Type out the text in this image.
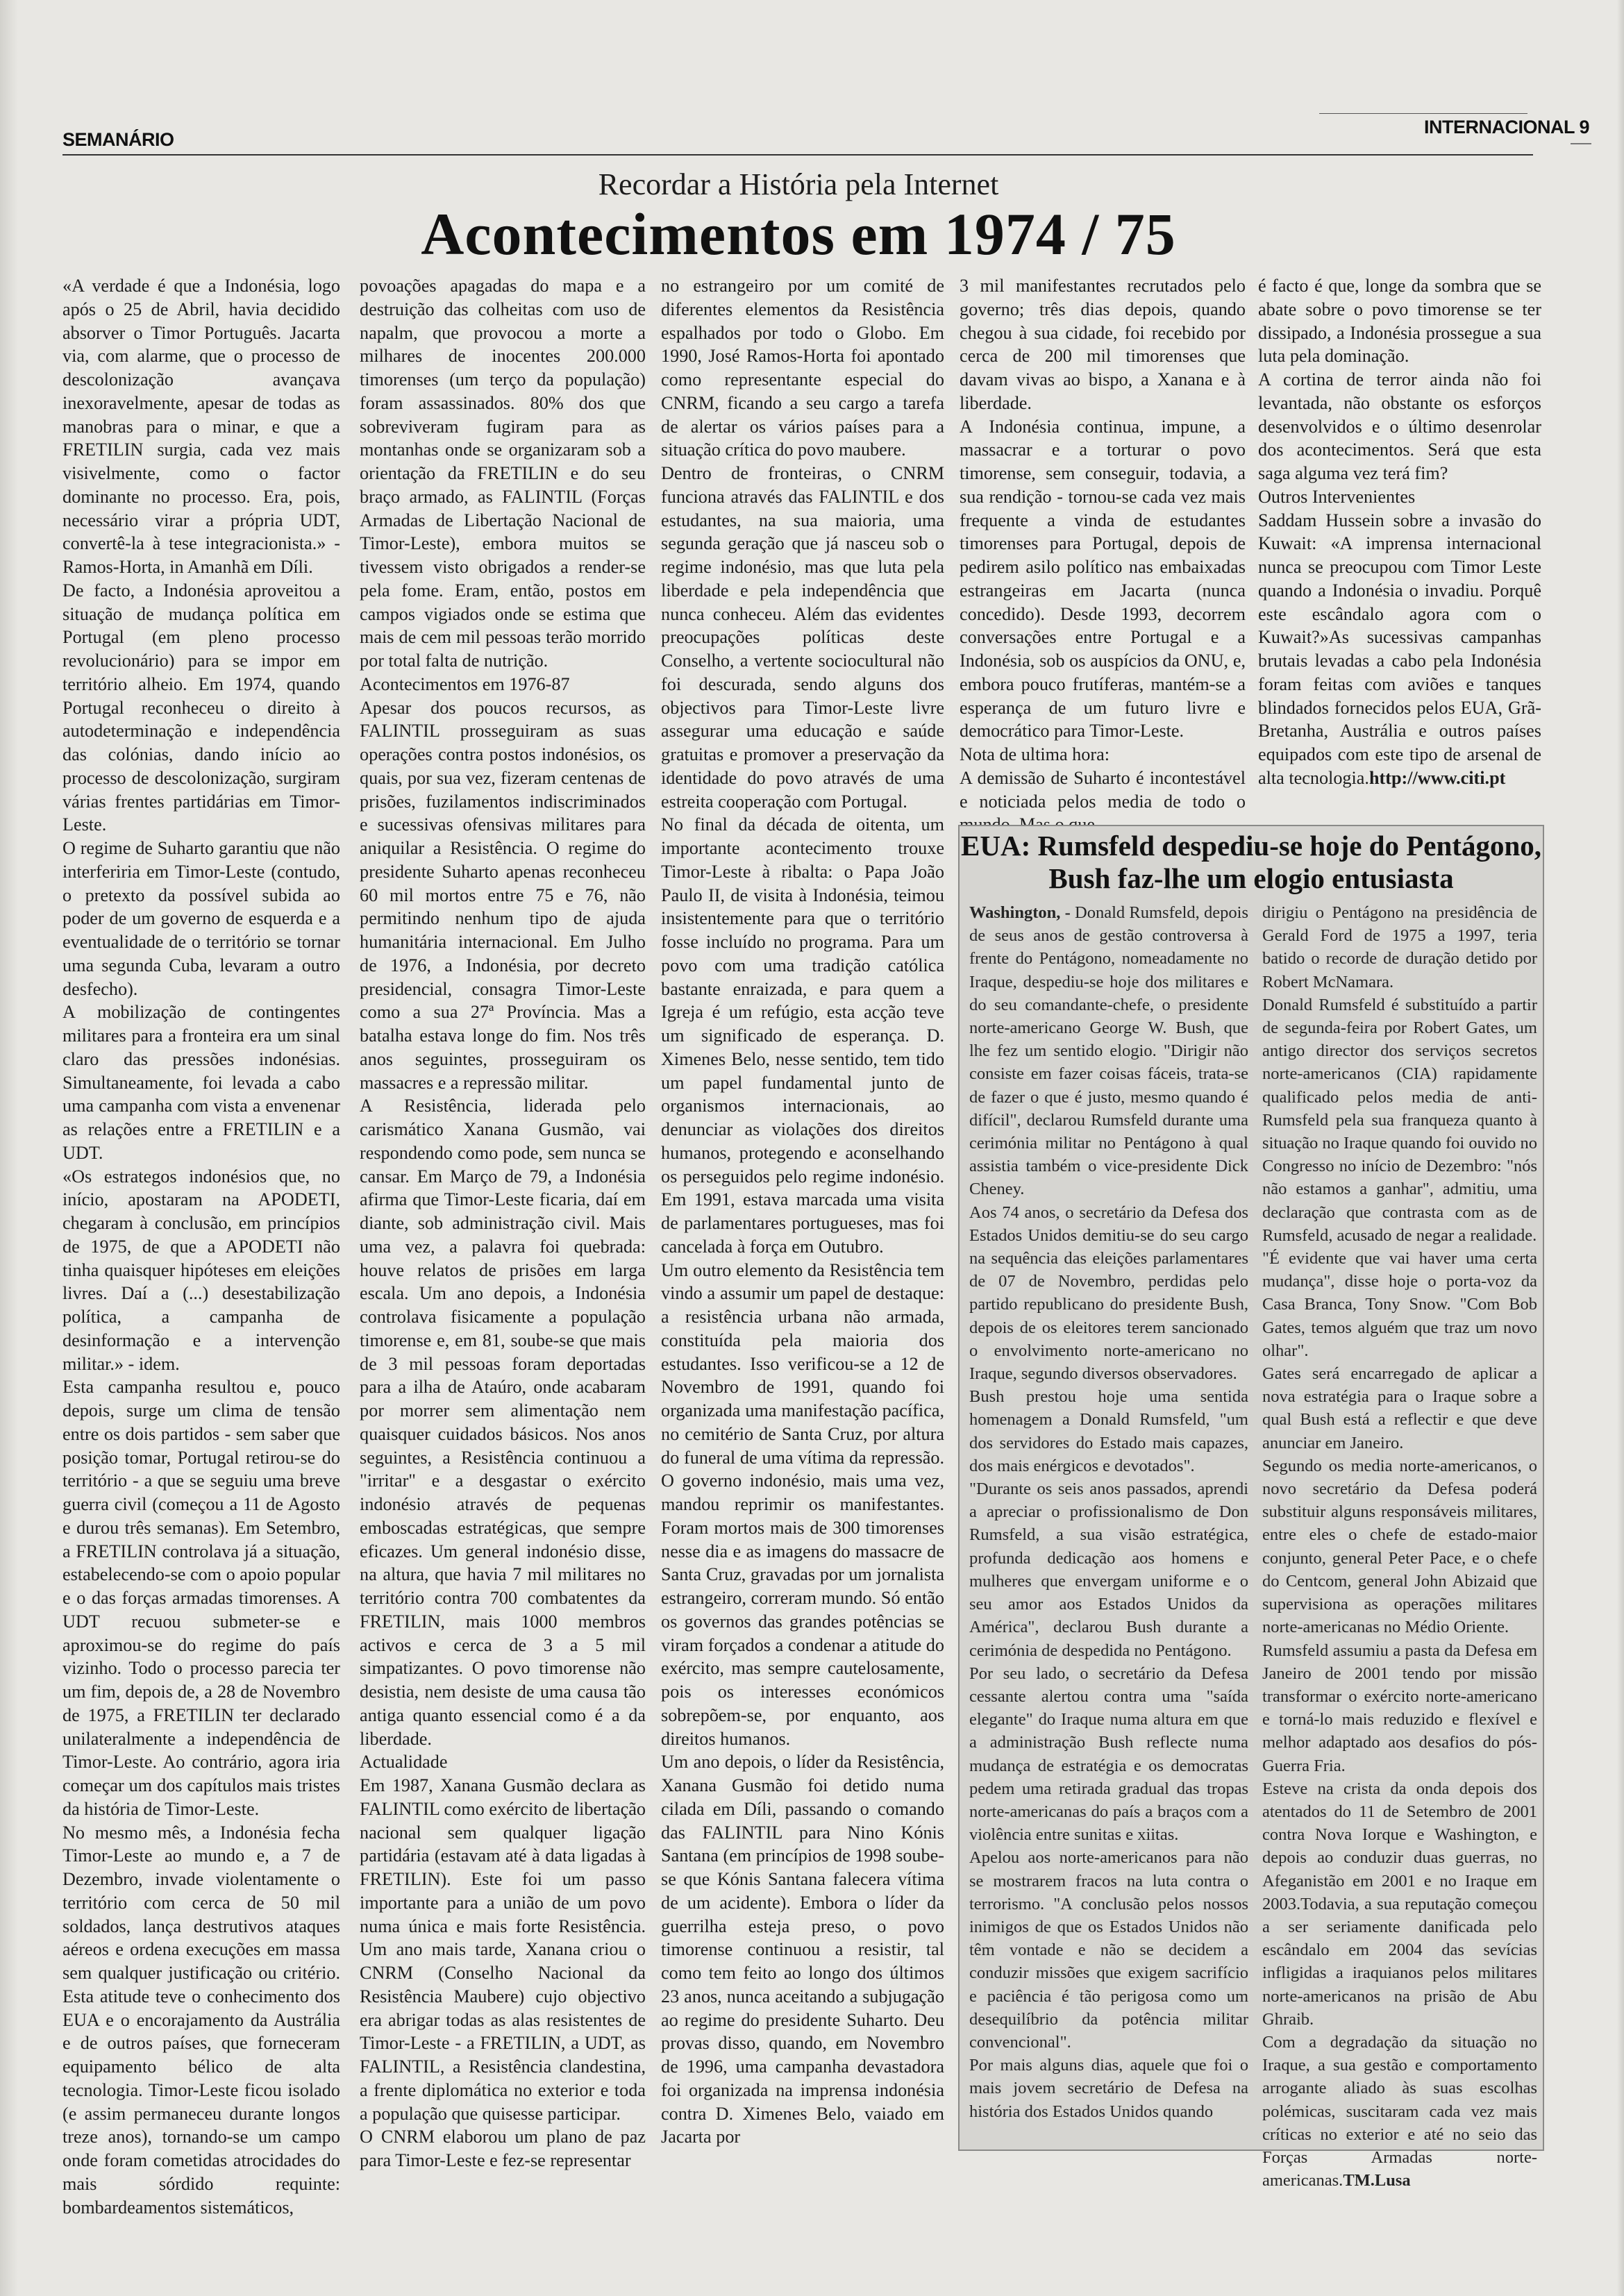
SEMANÁRIO
INTERNACIONAL 9
Recordar a História pela Internet
Acontecimentos em 1974 / 75

«A verdade é que a Indonésia, logo após o 25 de Abril, havia decidido absorver o Timor Português. Jacarta via, com alarme, que o processo de descolonização avançava inexoravelmente, apesar de todas as manobras para o minar, e que a FRETILIN surgia, cada vez mais visivelmente, como o factor dominante no processo. Era, pois, necessário virar a própria UDT, convertê-la à tese integracionista.» - Ramos-Horta, in Amanhã em Díli.

De facto, a Indonésia aproveitou a situação de mudança política em Portugal (em pleno processo revolucionário) para se impor em território alheio. Em 1974, quando Portugal reconheceu o direito à autodeterminação e independência das colónias, dando início ao processo de descolonização, surgiram várias frentes partidárias em Timor-Leste.

O regime de Suharto garantiu que não interferiria em Timor-Leste (contudo, o pretexto da possível subida ao poder de um governo de esquerda e a eventualidade de o território se tornar uma segunda Cuba, levaram a outro desfecho).

A mobilização de contingentes militares para a fronteira era um sinal claro das pressões indonésias. Simultaneamente, foi levada a cabo uma campanha com vista a envenenar as relações entre a FRETILIN e a UDT.

«Os estrategos indonésios que, no início, apostaram na APODETI, chegaram à conclusão, em princípios de 1975, de que a APODETI não tinha quaisquer hipóteses em eleições livres. Daí a (...) desestabilização política, a campanha de desinformação e a intervenção militar.» - idem.

Esta campanha resultou e, pouco depois, surge um clima de tensão entre os dois partidos - sem saber que posição tomar, Portugal retirou-se do território - a que se seguiu uma breve guerra civil (começou a 11 de Agosto e durou três semanas). Em Setembro, a FRETILIN controlava já a situação, estabelecendo-se com o apoio popular e o das forças armadas timorenses. A UDT recuou submeter-se e aproximou-se do regime do país vizinho. Todo o processo parecia ter um fim, depois de, a 28 de Novembro de 1975, a FRETILIN ter declarado unilateralmente a independência de Timor-Leste. Ao contrário, agora iria começar um dos capítulos mais tristes da história de Timor-Leste.

No mesmo mês, a Indonésia fecha Timor-Leste ao mundo e, a 7 de Dezembro, invade violentamente o território com cerca de 50 mil soldados, lança destrutivos ataques aéreos e ordena execuções em massa sem qualquer justificação ou critério. Esta atitude teve o conhecimento dos EUA e o encorajamento da Austrália e de outros países, que forneceram equipamento bélico de alta tecnologia. Timor-Leste ficou isolado (e assim permaneceu durante longos treze anos), tornando-se um campo onde foram cometidas atrocidades do mais sórdido requinte: bombardeamentos sistemáticos,

povoações apagadas do mapa e a destruição das colheitas com uso de napalm, que provocou a morte a milhares de inocentes 200.000 timorenses (um terço da população) foram assassinados. 80% dos que sobreviveram fugiram para as montanhas onde se organizaram sob a orientação da FRETILIN e do seu braço armado, as FALINTIL (Forças Armadas de Libertação Nacional de Timor-Leste), embora muitos se tivessem visto obrigados a render-se pela fome. Eram, então, postos em campos vigiados onde se estima que mais de cem mil pessoas terão morrido por total falta de nutrição.

Acontecimentos em 1976-87

Apesar dos poucos recursos, as FALINTIL prosseguiram as suas operações contra postos indonésios, os quais, por sua vez, fizeram centenas de prisões, fuzilamentos indiscriminados e sucessivas ofensivas militares para aniquilar a Resistência. O regime do presidente Suharto apenas reconheceu 60 mil mortos entre 75 e 76, não permitindo nenhum tipo de ajuda humanitária internacional. Em Julho de 1976, a Indonésia, por decreto presidencial, consagra Timor-Leste como a sua 27ª Província. Mas a batalha estava longe do fim. Nos três anos seguintes, prosseguiram os massacres e a repressão militar.

A Resistência, liderada pelo carismático Xanana Gusmão, vai respondendo como pode, sem nunca se cansar. Em Março de 79, a Indonésia afirma que Timor-Leste ficaria, daí em diante, sob administração civil. Mais uma vez, a palavra foi quebrada: houve relatos de prisões em larga escala. Um ano depois, a Indonésia controlava fisicamente a população timorense e, em 81, soube-se que mais de 3 mil pessoas foram deportadas para a ilha de Ataúro, onde acabaram por morrer sem alimentação nem quaisquer cuidados básicos. Nos anos seguintes, a Resistência continuou a "irritar" e a desgastar o exército indonésio através de pequenas emboscadas estratégicas, que sempre eficazes. Um general indonésio disse, na altura, que havia 7 mil militares no território contra 700 combatentes da FRETILIN, mais 1000 membros activos e cerca de 3 a 5 mil simpatizantes. O povo timorense não desistia, nem desiste de uma causa tão antiga quanto essencial como é a da liberdade.

Actualidade

Em 1987, Xanana Gusmão declara as FALINTIL como exército de libertação nacional sem qualquer ligação partidária (estavam até à data ligadas à FRETILIN). Este foi um passo importante para a união de um povo numa única e mais forte Resistência. Um ano mais tarde, Xanana criou o CNRM (Conselho Nacional da Resistência Maubere) cujo objectivo era abrigar todas as alas resistentes de Timor-Leste - a FRETILIN, a UDT, as FALINTIL, a Resistência clandestina, a frente diplomática no exterior e toda a população que quisesse participar.

O CNRM elaborou um plano de paz para Timor-Leste e fez-se representar

no estrangeiro por um comité de diferentes elementos da Resistência espalhados por todo o Globo. Em 1990, José Ramos-Horta foi apontado como representante especial do CNRM, ficando a seu cargo a tarefa de alertar os vários países para a situação crítica do povo maubere.

Dentro de fronteiras, o CNRM funciona através das FALINTIL e dos estudantes, na sua maioria, uma segunda geração que já nasceu sob o regime indonésio, mas que luta pela liberdade e pela independência que nunca conheceu. Além das evidentes preocupações políticas deste Conselho, a vertente sociocultural não foi descurada, sendo alguns dos objectivos para Timor-Leste livre assegurar uma educação e saúde gratuitas e promover a preservação da identidade do povo através de uma estreita cooperação com Portugal.

No final da década de oitenta, um importante acontecimento trouxe Timor-Leste à ribalta: o Papa João Paulo II, de visita à Indonésia, teimou insistentemente para que o território fosse incluído no programa. Para um povo com uma tradição católica bastante enraizada, e para quem a Igreja é um refúgio, esta acção teve um significado de esperança. D. Ximenes Belo, nesse sentido, tem tido um papel fundamental junto de organismos internacionais, ao denunciar as violações dos direitos humanos, protegendo e aconselhando os perseguidos pelo regime indonésio. Em 1991, estava marcada uma visita de parlamentares portugueses, mas foi cancelada à força em Outubro.

Um outro elemento da Resistência tem vindo a assumir um papel de destaque: a resistência urbana não armada, constituída pela maioria dos estudantes. Isso verificou-se a 12 de Novembro de 1991, quando foi organizada uma manifestação pacífica, no cemitério de Santa Cruz, por altura do funeral de uma vítima da repressão. O governo indonésio, mais uma vez, mandou reprimir os manifestantes. Foram mortos mais de 300 timorenses nesse dia e as imagens do massacre de Santa Cruz, gravadas por um jornalista estrangeiro, correram mundo. Só então os governos das grandes potências se viram forçados a condenar a atitude do exército, mas sempre cautelosamente, pois os interesses económicos sobrepõem-se, por enquanto, aos direitos humanos.

Um ano depois, o líder da Resistência, Xanana Gusmão foi detido numa cilada em Díli, passando o comando das FALINTIL para Nino Kónis Santana (em princípios de 1998 soube-se que Kónis Santana falecera vítima de um acidente). Embora o líder da guerrilha esteja preso, o povo timorense continuou a resistir, tal como tem feito ao longo dos últimos 23 anos, nunca aceitando a subjugação ao regime do presidente Suharto. Deu provas disso, quando, em Novembro de 1996, uma campanha devastadora foi organizada na imprensa indonésia contra D. Ximenes Belo, vaiado em Jacarta por

3 mil manifestantes recrutados pelo governo; três dias depois, quando chegou à sua cidade, foi recebido por cerca de 200 mil timorenses que davam vivas ao bispo, a Xanana e à liberdade.

A Indonésia continua, impune, a massacrar e a torturar o povo timorense, sem conseguir, todavia, a sua rendição - tornou-se cada vez mais frequente a vinda de estudantes timorenses para Portugal, depois de pedirem asilo político nas embaixadas estrangeiras em Jacarta (nunca concedido). Desde 1993, decorrem conversações entre Portugal e a Indonésia, sob os auspícios da ONU, e, embora pouco frutíferas, mantém-se a esperança de um futuro livre e democrático para Timor-Leste.

Nota de ultima hora:

A demissão de Suharto é incontestável e noticiada pelos media de todo o

é facto é que, longe da sombra que se abate sobre o povo timorense se ter dissipado, a Indonésia prossegue a sua luta pela dominação.

A cortina de terror ainda não foi levantada, não obstante os esforços desenvolvidos e o último desenrolar dos acontecimentos. Será que esta saga alguma vez terá fim?

Outros Intervenientes

Saddam Hussein sobre a invasão do Kuwait: «A imprensa internacional nunca se preocupou com Timor Leste quando a Indonésia o invadiu. Porquê este escândalo agora com o Kuwait?»As sucessivas campanhas brutais levadas a cabo pela Indonésia foram feitas com aviões e tanques blindados fornecidos pelos EUA, Grã-Bretanha, Austrália e outros países equipados com este tipo de arsenal de alta tecnologia.http://www.citi.pt

EUA: Rumsfeld despediu-se hoje do Pentágono, Bush faz-lhe um elogio entusiasta

Washington, - Donald Rumsfeld, depois de seus anos de gestão controversa à frente do Pentágono, nomeadamente no Iraque, despediu-se hoje dos militares e do seu comandante-chefe, o presidente norte-americano George W. Bush, que lhe fez um sentido elogio. "Dirigir não consiste em fazer coisas fáceis, trata-se de fazer o que é justo, mesmo quando é difícil", declarou Rumsfeld durante uma cerimónia militar no Pentágono à qual assistia também o vice-presidente Dick Cheney.

Aos 74 anos, o secretário da Defesa dos Estados Unidos demitiu-se do seu cargo na sequência das eleições parlamentares de 07 de Novembro, perdidas pelo partido republicano do presidente Bush, depois de os eleitores terem sancionado o envolvimento norte-americano no Iraque, segundo diversos observadores.

Bush prestou hoje uma sentida homenagem a Donald Rumsfeld, "um dos servidores do Estado mais capazes, dos mais enérgicos e devotados".

"Durante os seis anos passados, aprendi a apreciar o profissionalismo de Don Rumsfeld, a sua visão estratégica, profunda dedicação aos homens e mulheres que envergam uniforme e o seu amor aos Estados Unidos da América", declarou Bush durante a cerimónia de despedida no Pentágono.

Por seu lado, o secretário da Defesa cessante alertou contra uma "saída elegante" do Iraque numa altura em que a administração Bush reflecte numa mudança de estratégia e os democratas pedem uma retirada gradual das tropas norte-americanas do país a braços com a violência entre sunitas e xiitas.

Apelou aos norte-americanos para não se mostrarem fracos na luta contra o terrorismo. "A conclusão pelos nossos inimigos de que os Estados Unidos não têm vontade e não se decidem a conduzir missões que exigem sacrifício e paciência é tão perigosa como um desequilíbrio da potência militar convencional".

Por mais alguns dias, aquele que foi o mais jovem secretário de Defesa na história dos Estados Unidos quando

dirigiu o Pentágono na presidência de Gerald Ford de 1975 a 1997, teria batido o recorde de duração detido por Robert McNamara.

Donald Rumsfeld é substituído a partir de segunda-feira por Robert Gates, um antigo director dos serviços secretos norte-americanos (CIA) rapidamente qualificado pelos media de anti-Rumsfeld pela sua franqueza quanto à situação no Iraque quando foi ouvido no Congresso no início de Dezembro: "nós não estamos a ganhar", admitiu, uma declaração que contrasta com as de Rumsfeld, acusado de negar a realidade.

"É evidente que vai haver uma certa mudança", disse hoje o porta-voz da Casa Branca, Tony Snow. "Com Bob Gates, temos alguém que traz um novo olhar".

Gates será encarregado de aplicar a nova estratégia para o Iraque sobre a qual Bush está a reflectir e que deve anunciar em Janeiro.

Segundo os media norte-americanos, o novo secretário da Defesa poderá substituir alguns responsáveis militares, entre eles o chefe de estado-maior conjunto, general Peter Pace, e o chefe do Centcom, general John Abizaid que supervisiona as operações militares norte-americanas no Médio Oriente.

Rumsfeld assumiu a pasta da Defesa em Janeiro de 2001 tendo por missão transformar o exército norte-americano e torná-lo mais reduzido e flexível e melhor adaptado aos desafios do pós-Guerra Fria.

Esteve na crista da onda depois dos atentados do 11 de Setembro de 2001 contra Nova Iorque e Washington, e depois ao conduzir duas guerras, no Afeganistão em 2001 e no Iraque em 2003.Todavia, a sua reputação começou a ser seriamente danificada pelo escândalo em 2004 das sevícias infligidas a iraquianos pelos militares norte-americanos na prisão de Abu Ghraib.

Com a degradação da situação no Iraque, a sua gestão e comportamento arrogante aliado às suas escolhas polémicas, suscitaram cada vez mais críticas no exterior e até no seio das Forças Armadas norte-americanas.TM.Lusa
